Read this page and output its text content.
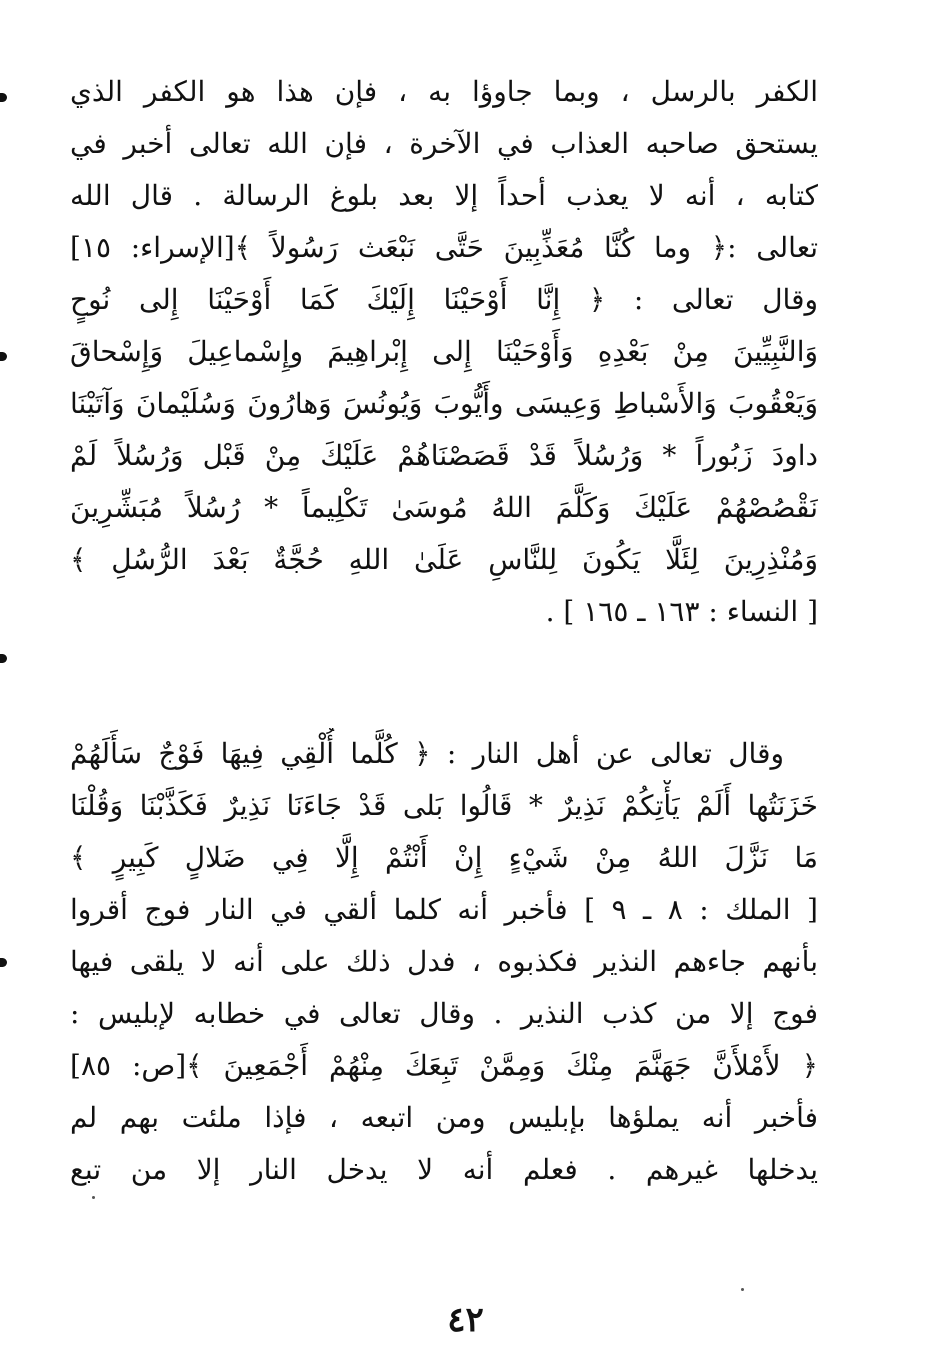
الكفر بالرسل ، وبما جاوؤا به ، فإن هذا هو الكفر الذي
يستحق صاحبه العذاب في الآخرة ، فإن الله تعالى أخبر في
كتابه ، أنه لا يعذب أحداً إلا بعد بلوغ الرسالة . قال الله
تعالى :﴿ وما كُنَّا مُعَذِّبِينَ حَتَّى نَبْعَث رَسُولاً ﴾[الإسراء: ١٥]
وقال تعالى : ﴿ إِنَّا أَوْحَيْنَا إِلَيْكَ كَمَا أَوْحَيْنَا إِلى نُوحٍ
وَالنَّبِيِّينَ مِنْ بَعْدِهِ وَأَوْحَيْنَا إِلى إِبْراهِيمَ وإِسْماعِيلَ وَإِسْحاقَ
وَيَعْقُوبَ وَالأَسْباطِ وَعِيسَى وأَيُّوبَ وَيُونُسَ وَهارُونَ وَسُلَيْمانَ وَآتَيْنَا
داودَ زَبُوراً * وَرُسُلاً قَدْ قَصَصْنَاهُمْ عَلَيْكَ مِنْ قَبْل وَرُسُلاً لَمْ
نَقْصُصْهُمْ عَلَيْكَ وَكَلَّمَ اللهُ مُوسَىٰ تَكْلِيماً * رُسُلاً مُبَشِّرِينَ
وَمُنْذِرِينَ لِئَلَّا يَكُونَ لِلنَّاسِ عَلَىٰ اللهِ حُجَّةٌ بَعْدَ الرُّسُلِ ﴾
[ النساء : ١٦٣ ـ ١٦٥ ] .
وقال تعالى عن أهل النار : ﴿ كُلَّما أُلْقِي فِيهَا فَوْجٌ سَأَلَهُمْ
خَزَنَتُها أَلَمْ يَأْتِكُمْ نَذِيرٌ * قَالُوا بَلى قَدْ جَاءَنَا نَذِيرٌ فَكَذَّبْنَا وَقُلْنَا
مَا نَزَّلَ اللهُ مِنْ شَيْءٍ إِنْ أَنْتُمْ إِلَّا فِي ضَلالٍ كَبِيرٍ ﴾
[ الملك : ٨ ـ ٩ ] فأخبر أنه كلما ألقي في النار فوج أقروا
بأنهم جاءهم النذير فكذبوه ، فدل ذلك على أنه لا يلقى فيها
فوج إلا من كذب النذير . وقال تعالى في خطابه لإبليس :
﴿ لأَمْلأَنَّ جَهَنَّمَ مِنْكَ وَمِمَّنْ تَبِعَكَ مِنْهُمْ أَجْمَعِينَ ﴾[ص: ٨٥]
فأخبر أنه يملؤها بإبليس ومن اتبعه ، فإذا ملئت بهم لم
يدخلها غيرهم . فعلم أنه لا يدخل النار إلا من تبع
٤٢
